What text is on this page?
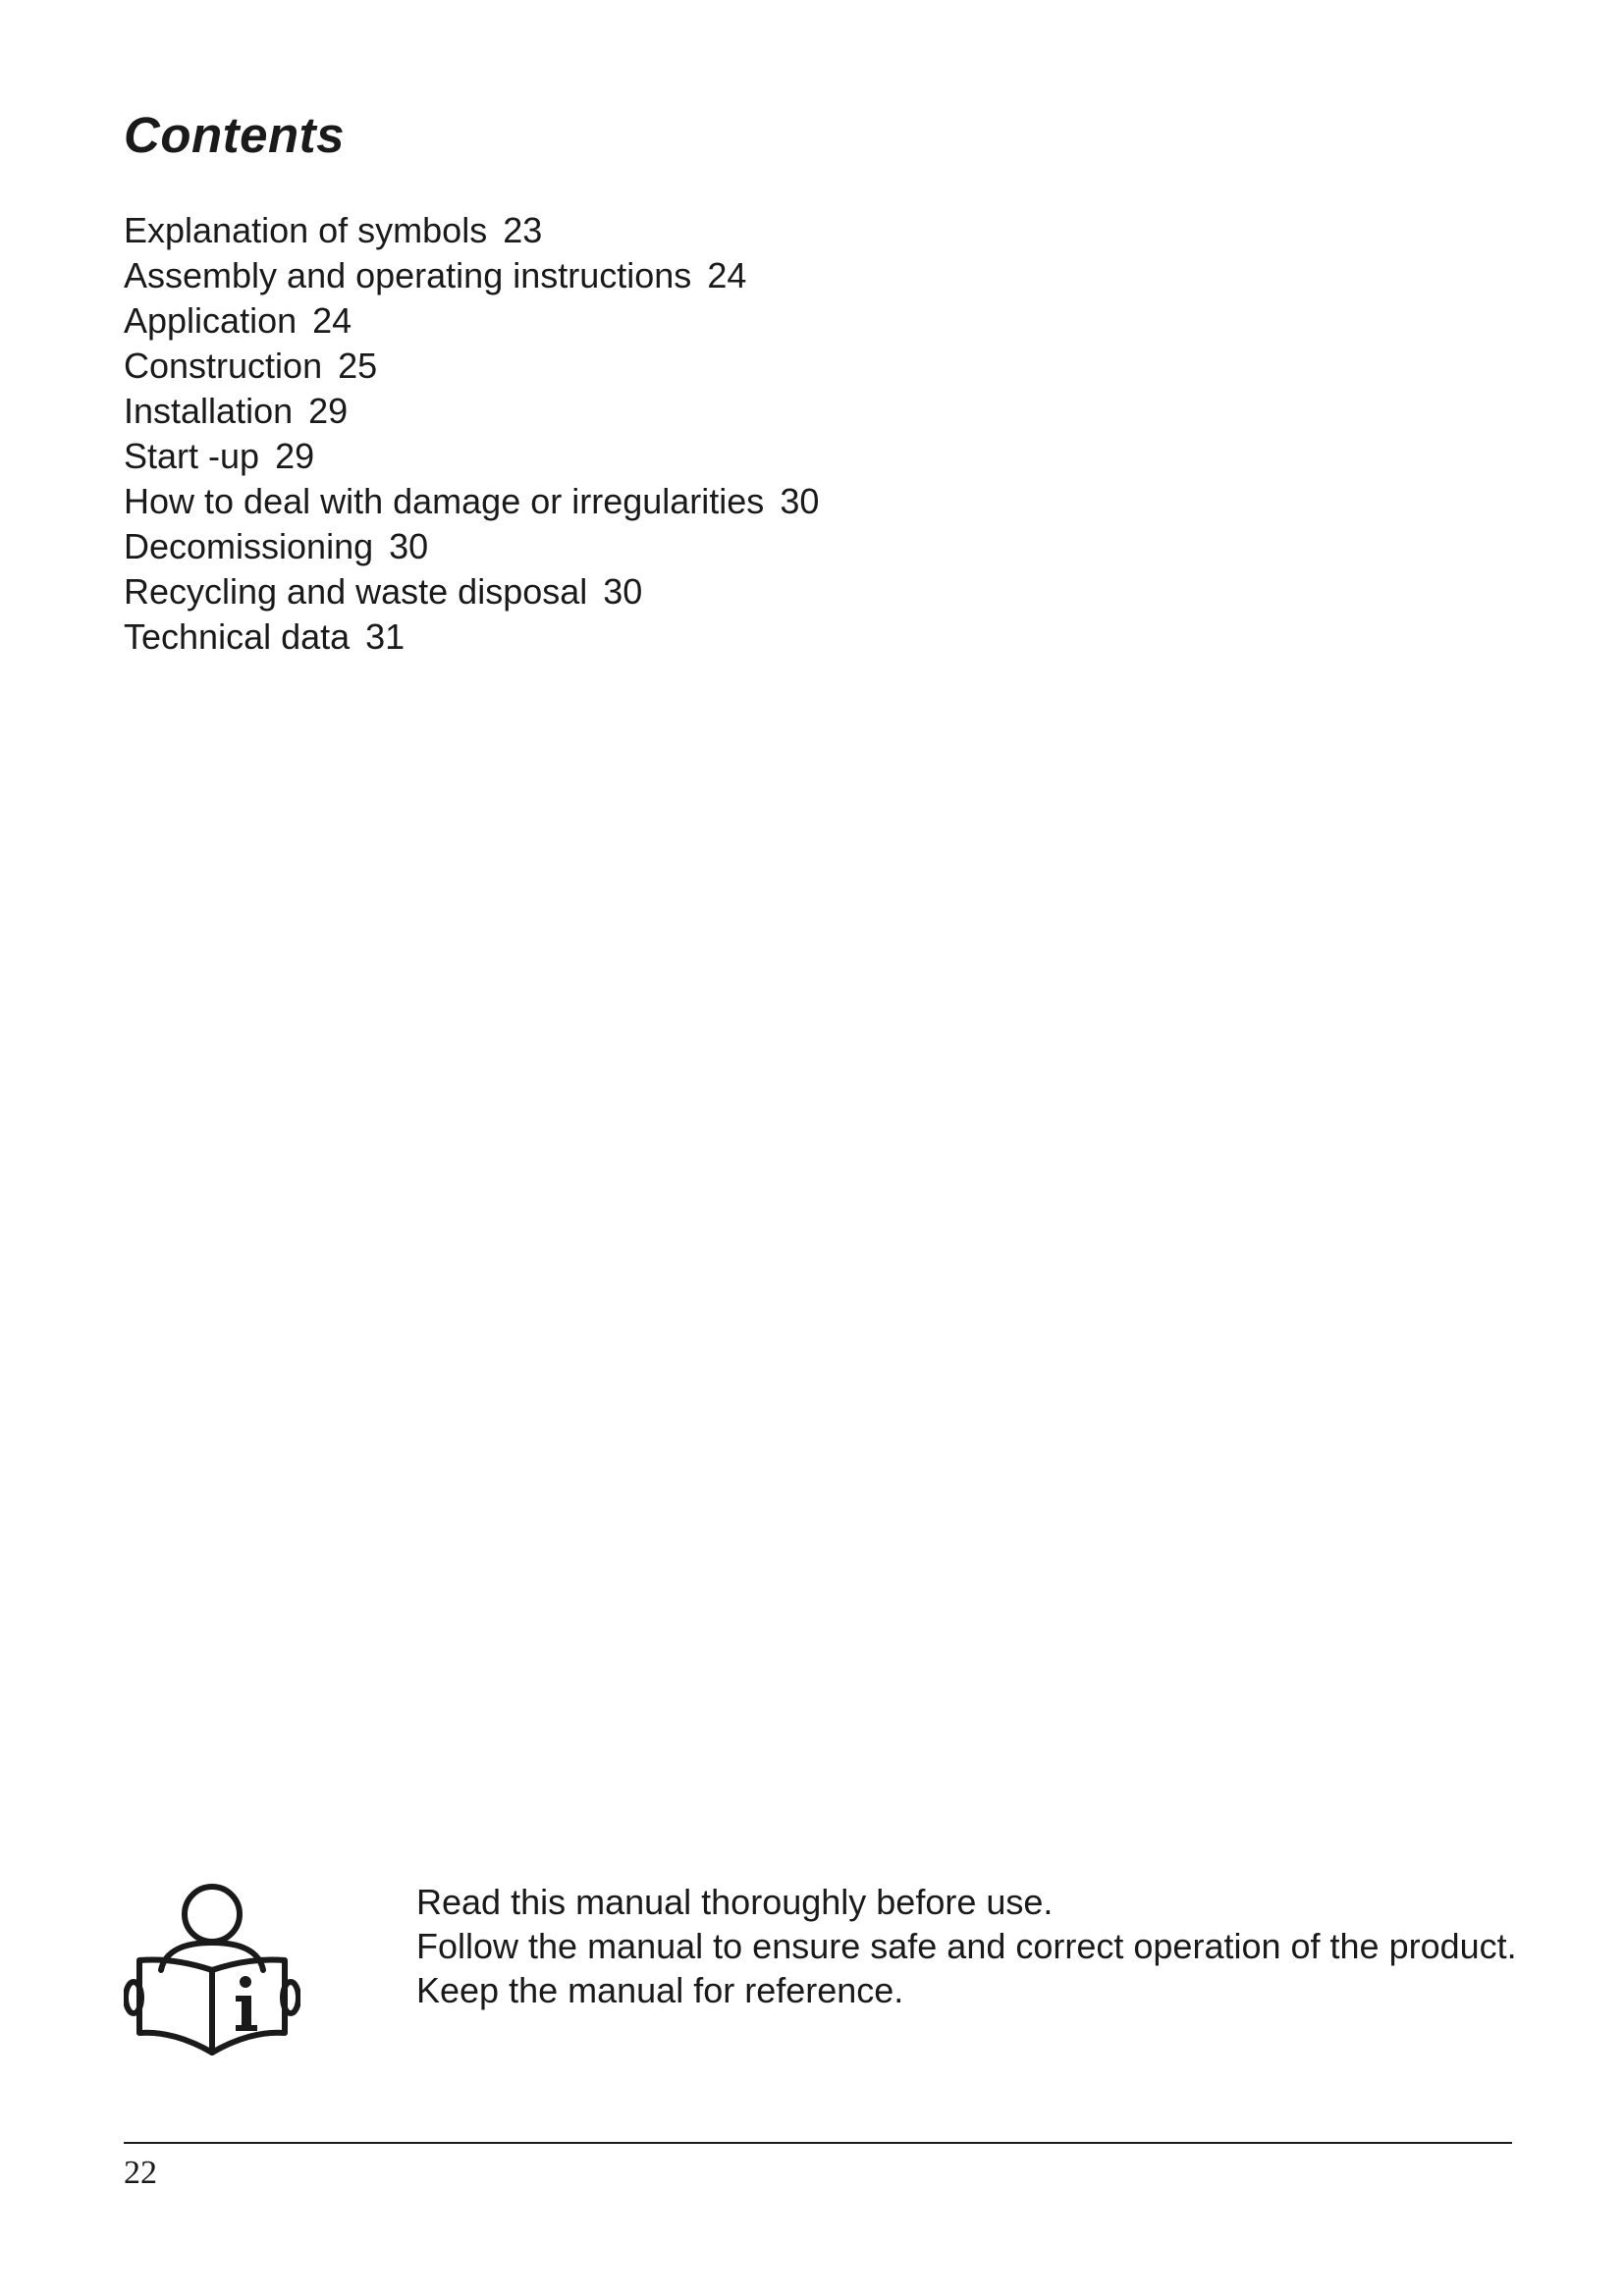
Contents
Explanation of symbols 23
Assembly and operating instructions 24
Application 24
Construction 25
Installation 29
Start -up 29
How to deal with damage or irregularities 30
Decomissioning 30
Recycling and waste disposal 30
Technical data 31
Read this manual thoroughly before use.
Follow the manual to ensure safe and correct operation of the product.
Keep the manual for reference.
22
